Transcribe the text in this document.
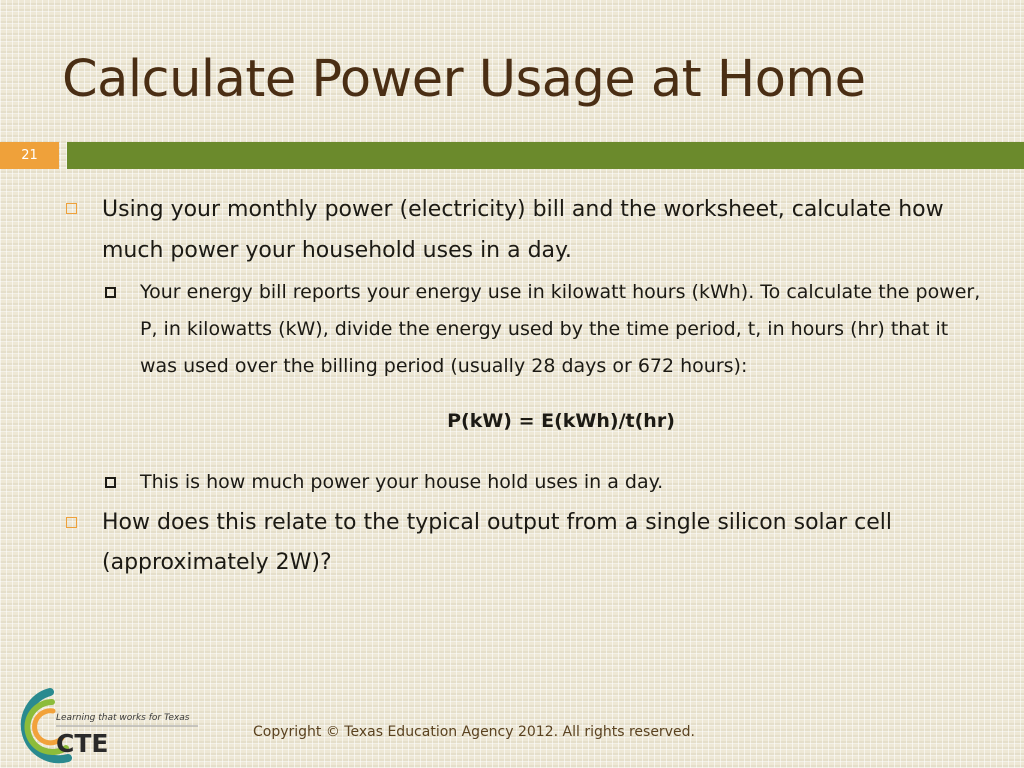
Calculate Power Usage at Home
21
Using your monthly power (electricity) bill and the worksheet, calculate how much power your household uses in a day.
Your energy bill reports your energy use in kilowatt hours (kWh). To calculate the power, P, in kilowatts (kW), divide the energy used by the time period, t, in hours (hr) that it was used over the billing period (usually 28 days or 672 hours):
P(kW) = E(kWh)/t(hr)
This is how much power your house hold uses in a day.
How does this relate to the typical output from a single silicon solar cell (approximately 2W)?
Learning that works for Texas
CTE	Copyright © Texas Education Agency 2012. All rights reserved.
